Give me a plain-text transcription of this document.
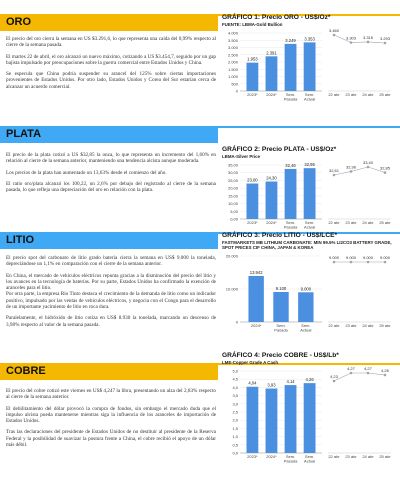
ORO

El precio del oro cierra la semana en US $3.291,6, lo que representa una caída del 0,99% respecto al cierre de la semana pasada.

El martes 22 de abril, el oro alcanzó un nuevo máximo, cotizando a US $3.454,7, seguido por un gap bajista impulsado por preocupaciones sobre la guerra comercial entre Estados Unidos y China.

Se especula que China podría suspender su arancel del 125% sobre ciertas importaciones provenientes de Estados Unidos. Por otro lado, Estados Unidos y Corea del Sur estarían cerca de alcanzar un acuerdo comercial.

GRÁFICO 1: Precio ORO - US$/Oz*
FUENTE: LBMA-Gold Bullion
4.000
3.500
3.000
2.500
2.000
1.500
1.000
500
0
1.953
2023*
2.391
2024*
3.249
Sem.
Pasada
3.353
Sem.
Actual
3.460
22 abr
3.303
23 abr
3.315
24 abr
3.293
25 abr
PLATA

El precio de la plata cotizó a US $32,85 la onza, lo que representa un incremento del 1,60% en relación al cierre de la semana anterior, manteniendo una tendencia alcista aunque moderada.

Los precios de la plata han aumentado un 13,63% desde el comienzo del año.

El ratio oro/plata alcanzó los 100,22, un 2,6% por debajo del registrado al cierre de la semana pasada, lo que refleja una depreciación del oro en relación con la plata.

GRÁFICO 2: Precio PLATA - US$/Oz*
LBMA-Silver Price
35,00
30,00
25,00
20,00
15,00
10,00
5,00
0,00
23,00
2023*
24,30
2024*
32,46
Sem.
Pasada
32,95
Sem.
Actual
32,61
22 abr
32,96
23 abr
33,40
24 abr
32,85
25 abr
LITIO

El precio spot del carbonato de litio grado batería cierra la semana en US$ 9.000 la tonelada, depreciándose un 1,1% en comparación con el cierre de la semana anterior.

En China, el mercado de vehículos eléctricos repunta gracias a la disminución del precio del litio y los avances en la tecnología de baterías. Por su parte, Estados Unidos ha confirmado la exención de aranceles para el litio.
Por otra parte, la empresa Rio Tinto destaca el crecimiento de la demanda de litio como un indicador positivo, impulsado por las ventas de vehículos eléctricos, y negocia con el Congo para el desarrollo de un importante yacimiento de litio en roca dura.

Paralelamente, el hidróxido de litio cotiza en US$ 8.930 la tonelada, marcando un descenso de 3,98% respecto al valor de la semana pasada.

GRÁFICO 3: Precio LITIO - US$/LCE*
FASTMARKETS MB LITHIUM CARBONATE: MIN 99.5% LI2CO3 BATTERY GRADE, SPOT PRICES CIF CHINA, JAPAN & KOREA
20.000
10.000
0
13.942
2024*
9.100
Sem.
Pasada
9.000
Sem.
Actual
9.000
22 abr
9.000
23 abr
9.000
24 abr
9.000
25 abr
COBRE

El precio del cobre cotizó este viernes en US$ 4,247 la libra, presentando un alza del 2,83% respecto al cierre de la semana anterior.

El debilitamiento del dólar provocó la compra de fondos, sin embargo el mercado duda que el impulso alcista pueda mantenerse mientras siga la influencia de los aranceles de importación de Estados Unidos.

Tras las declaraciones del presidente de Estados Unidos de no destituir al presidente de la Reserva Federal y la posibilidad de suavizar la postura frente a China, el cobre recibió el apoyo de un dólar más débil.

GRÁFICO 4: Precio COBRE - US$/Lb*
LME-Copper Grade A Cash
5,0
4,5
4,0
3,5
3,0
2,5
2,0
1,5
1,0
0,5
0,0
4,04
2023*
3,93
2024*
4,14
Sem.
Pasada
4,26
Sem.
Actual
4,23
22 abr
4,27
23 abr
4,27
24 abr
4,26
25 abr
